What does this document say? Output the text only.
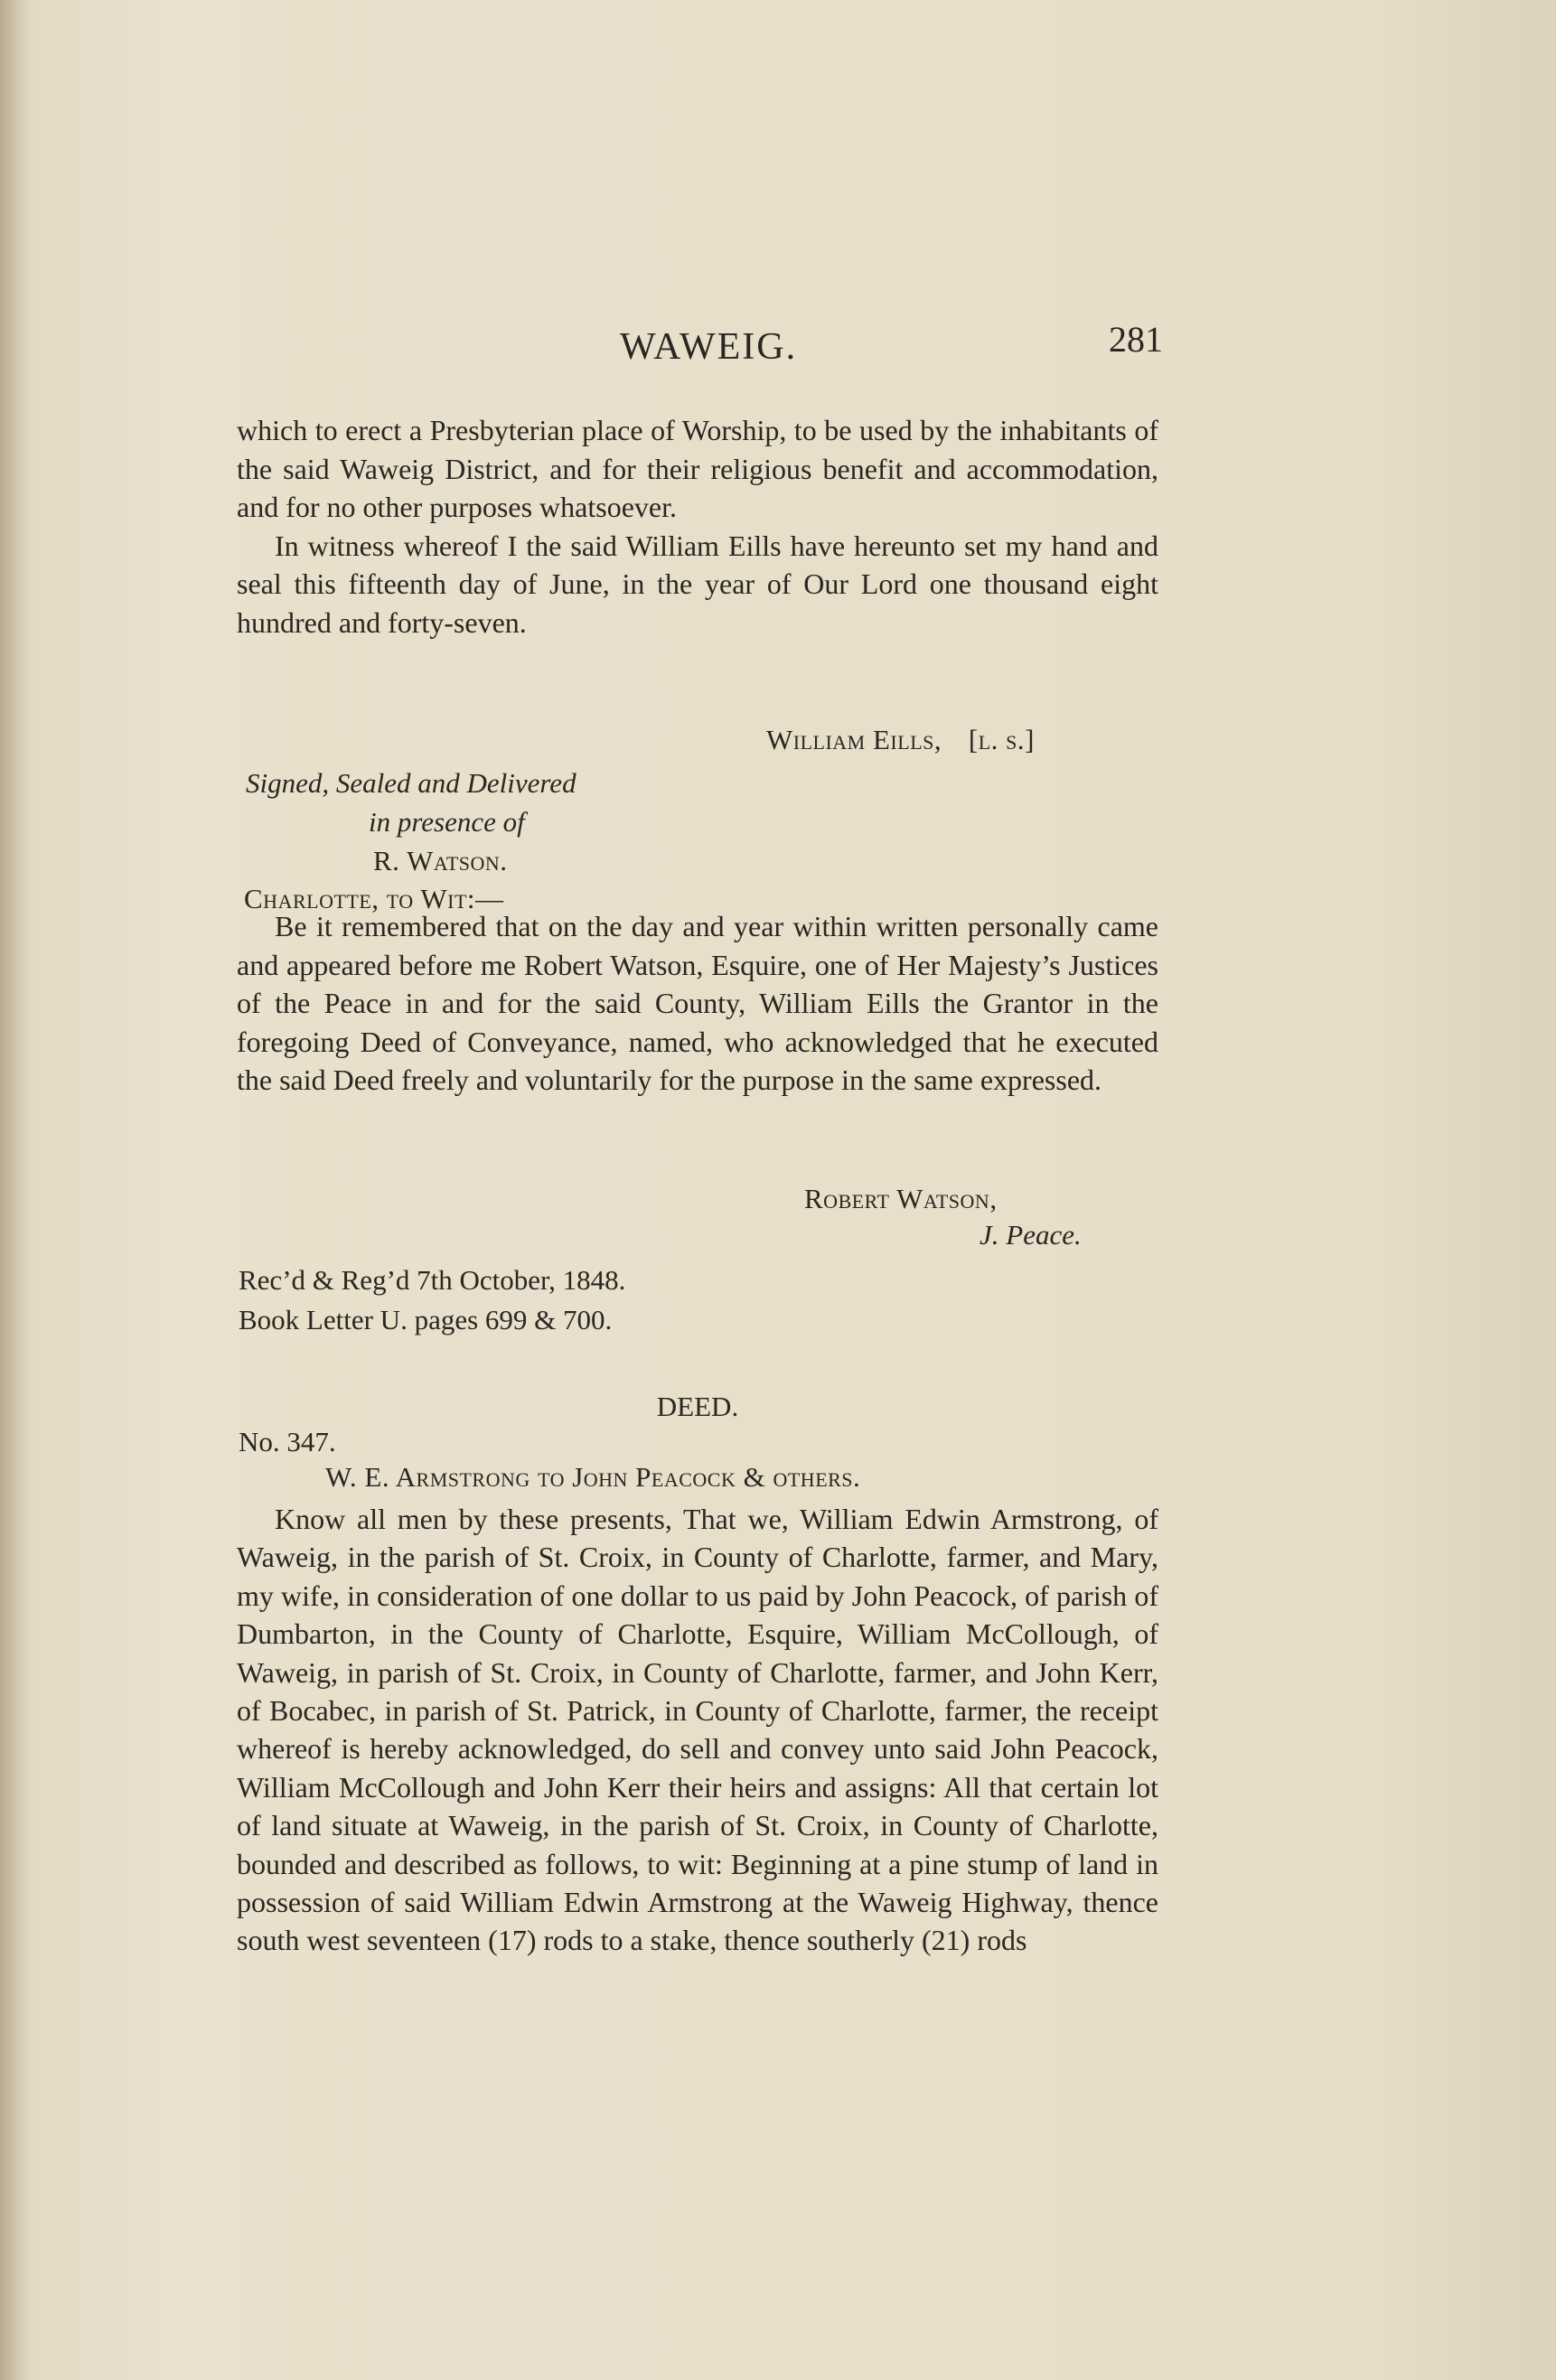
WAWEIG.	281

which to erect a Presbyterian place of Worship, to be used by the inhabitants of the said Waweig District, and for their religious benefit and accommodation, and for no other purposes whatsoever.

In witness whereof I the said William Eills have hereunto set my hand and seal this fifteenth day of June, in the year of Our Lord one thousand eight hundred and forty-seven.

William Eills, [l. s.]
Signed, Sealed and Delivered
in presence of
R. Watson.
Charlotte, to Wit:—

Be it remembered that on the day and year within written personally came and appeared before me Robert Watson, Esquire, one of Her Majesty’s Justices of the Peace in and for the said County, William Eills the Grantor in the foregoing Deed of Conveyance, named, who acknowledged that he executed the said Deed freely and voluntarily for the purpose in the same expressed.

Robert Watson,
J. Peace.
Rec’d & Reg’d 7th October, 1848.
Book Letter U. pages 699 & 700.
DEED.
No. 347.
W. E. Armstrong to John Peacock & others.

Know all men by these presents, That we, William Edwin Armstrong, of Waweig, in the parish of St. Croix, in County of Charlotte, farmer, and Mary, my wife, in consideration of one dollar to us paid by John Peacock, of parish of Dumbarton, in the County of Charlotte, Esquire, William McCollough, of Waweig, in parish of St. Croix, in County of Charlotte, farmer, and John Kerr, of Bocabec, in parish of St. Patrick, in County of Charlotte, farmer, the receipt whereof is hereby acknowledged, do sell and convey unto said John Peacock, William McCollough and John Kerr their heirs and assigns: All that certain lot of land situate at Waweig, in the parish of St. Croix, in County of Charlotte, bounded and described as follows, to wit: Beginning at a pine stump of land in possession of said William Edwin Armstrong at the Waweig Highway, thence south west seventeen (17) rods to a stake, thence southerly (21) rods
